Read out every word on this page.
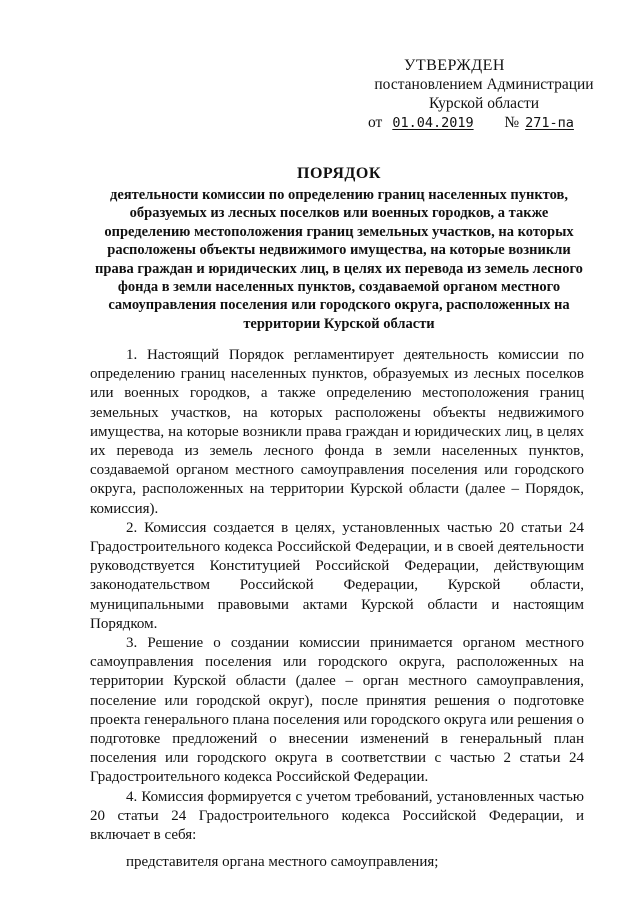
УТВЕРЖДЕН
постановлением Администрации
Курской области
от 01.04.2019 № 271-па
ПОРЯДОК
деятельности комиссии по определению границ населенных пунктов, образуемых из лесных поселков или военных городков, а также определению местоположения границ земельных участков, на которых расположены объекты недвижимого имущества, на которые возникли права граждан и юридических лиц, в целях их перевода из земель лесного фонда в земли населенных пунктов, создаваемой органом местного самоуправления поселения или городского округа, расположенных на территории Курской области

1. Настоящий Порядок регламентирует деятельность комиссии по определению границ населенных пунктов, образуемых из лесных поселков или военных городков, а также определению местоположения границ земельных участков, на которых расположены объекты недвижимого имущества, на которые возникли права граждан и юридических лиц, в целях их перевода из земель лесного фонда в земли населенных пунктов, создаваемой органом местного самоуправления поселения или городского округа, расположенных на территории Курской области (далее – Порядок, комиссия).

2. Комиссия создается в целях, установленных частью 20 статьи 24 Градостроительного кодекса Российской Федерации, и в своей деятельности руководствуется Конституцией Российской Федерации, действующим законодательством Российской Федерации, Курской области, муниципальными правовыми актами Курской области и настоящим Порядком.

3. Решение о создании комиссии принимается органом местного самоуправления поселения или городского округа, расположенных на территории Курской области (далее – орган местного самоуправления, поселение или городской округ), после принятия решения о подготовке проекта генерального плана поселения или городского округа или решения о подготовке предложений о внесении изменений в генеральный план поселения или городского округа в соответствии с частью 2 статьи 24 Градостроительного кодекса Российской Федерации.

4. Комиссия формируется с учетом требований, установленных частью 20 статьи 24 Градостроительного кодекса Российской Федерации, и включает в себя:

представителя органа местного самоуправления;
